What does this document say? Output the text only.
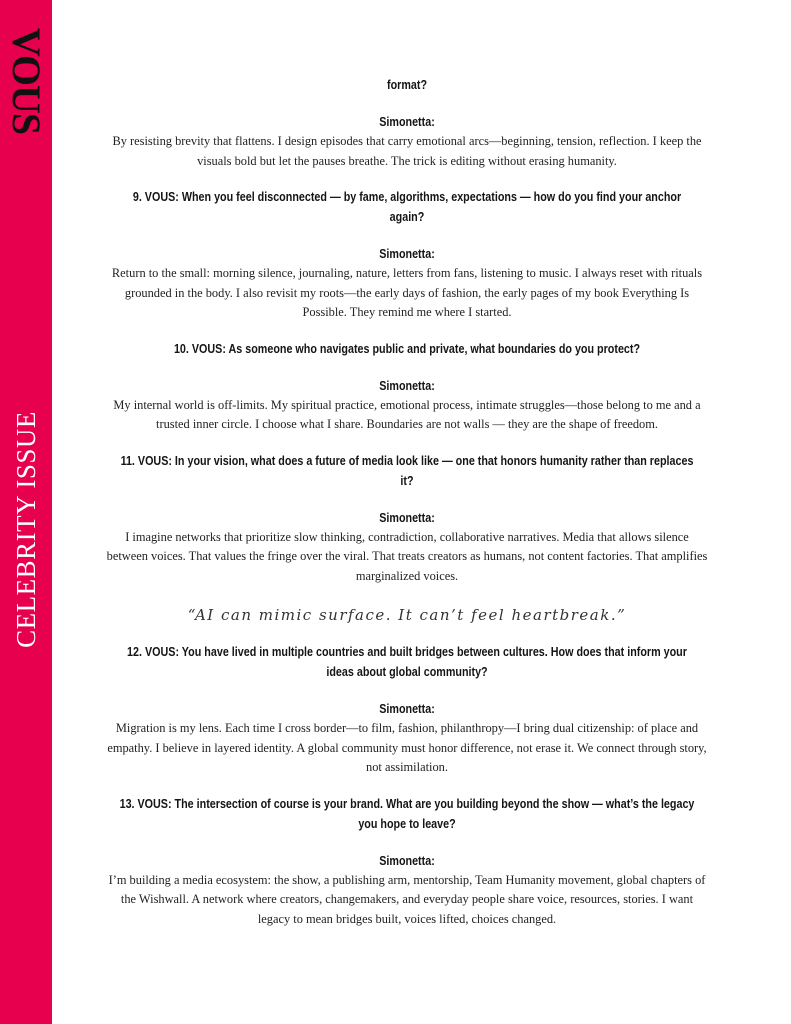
VOUS
CELEBRITY ISSUE

format?

Simonetta:

By resisting brevity that flattens. I design episodes that carry emotional arcs—beginning, tension, reflection. I keep the visuals bold but let the pauses breathe. The trick is editing without erasing humanity.

9. VOUS: When you feel disconnected — by fame, algorithms, expectations — how do you find your anchor again?

Simonetta:

Return to the small: morning silence, journaling, nature, letters from fans, listening to music. I always reset with rituals grounded in the body. I also revisit my roots—the early days of fashion, the early pages of my book Everything Is Possible. They remind me where I started.

10. VOUS: As someone who navigates public and private, what boundaries do you protect?

Simonetta:

My internal world is off-limits. My spiritual practice, emotional process, intimate struggles—those belong to me and a trusted inner circle. I choose what I share. Boundaries are not walls — they are the shape of freedom.

11. VOUS: In your vision, what does a future of media look like — one that honors humanity rather than replaces it?

Simonetta:

I imagine networks that prioritize slow thinking, contradiction, collaborative narratives. Media that allows silence between voices. That values the fringe over the viral. That treats creators as humans, not content factories. That amplifies marginalized voices.

“AI can mimic surface. It can’t feel heartbreak.”

12. VOUS: You have lived in multiple countries and built bridges between cultures. How does that inform your ideas about global community?

Simonetta:

Migration is my lens. Each time I cross border—to film, fashion, philanthropy—I bring dual citizenship: of place and empathy. I believe in layered identity. A global community must honor difference, not erase it. We connect through story, not assimilation.

13. VOUS: The intersection of course is your brand. What are you building beyond the show — what’s the legacy you hope to leave?

Simonetta:

I’m building a media ecosystem: the show, a publishing arm, mentorship, Team Humanity movement, global chapters of the Wishwall. A network where creators, changemakers, and everyday people share voice, resources, stories. I want legacy to mean bridges built, voices lifted, choices changed.
